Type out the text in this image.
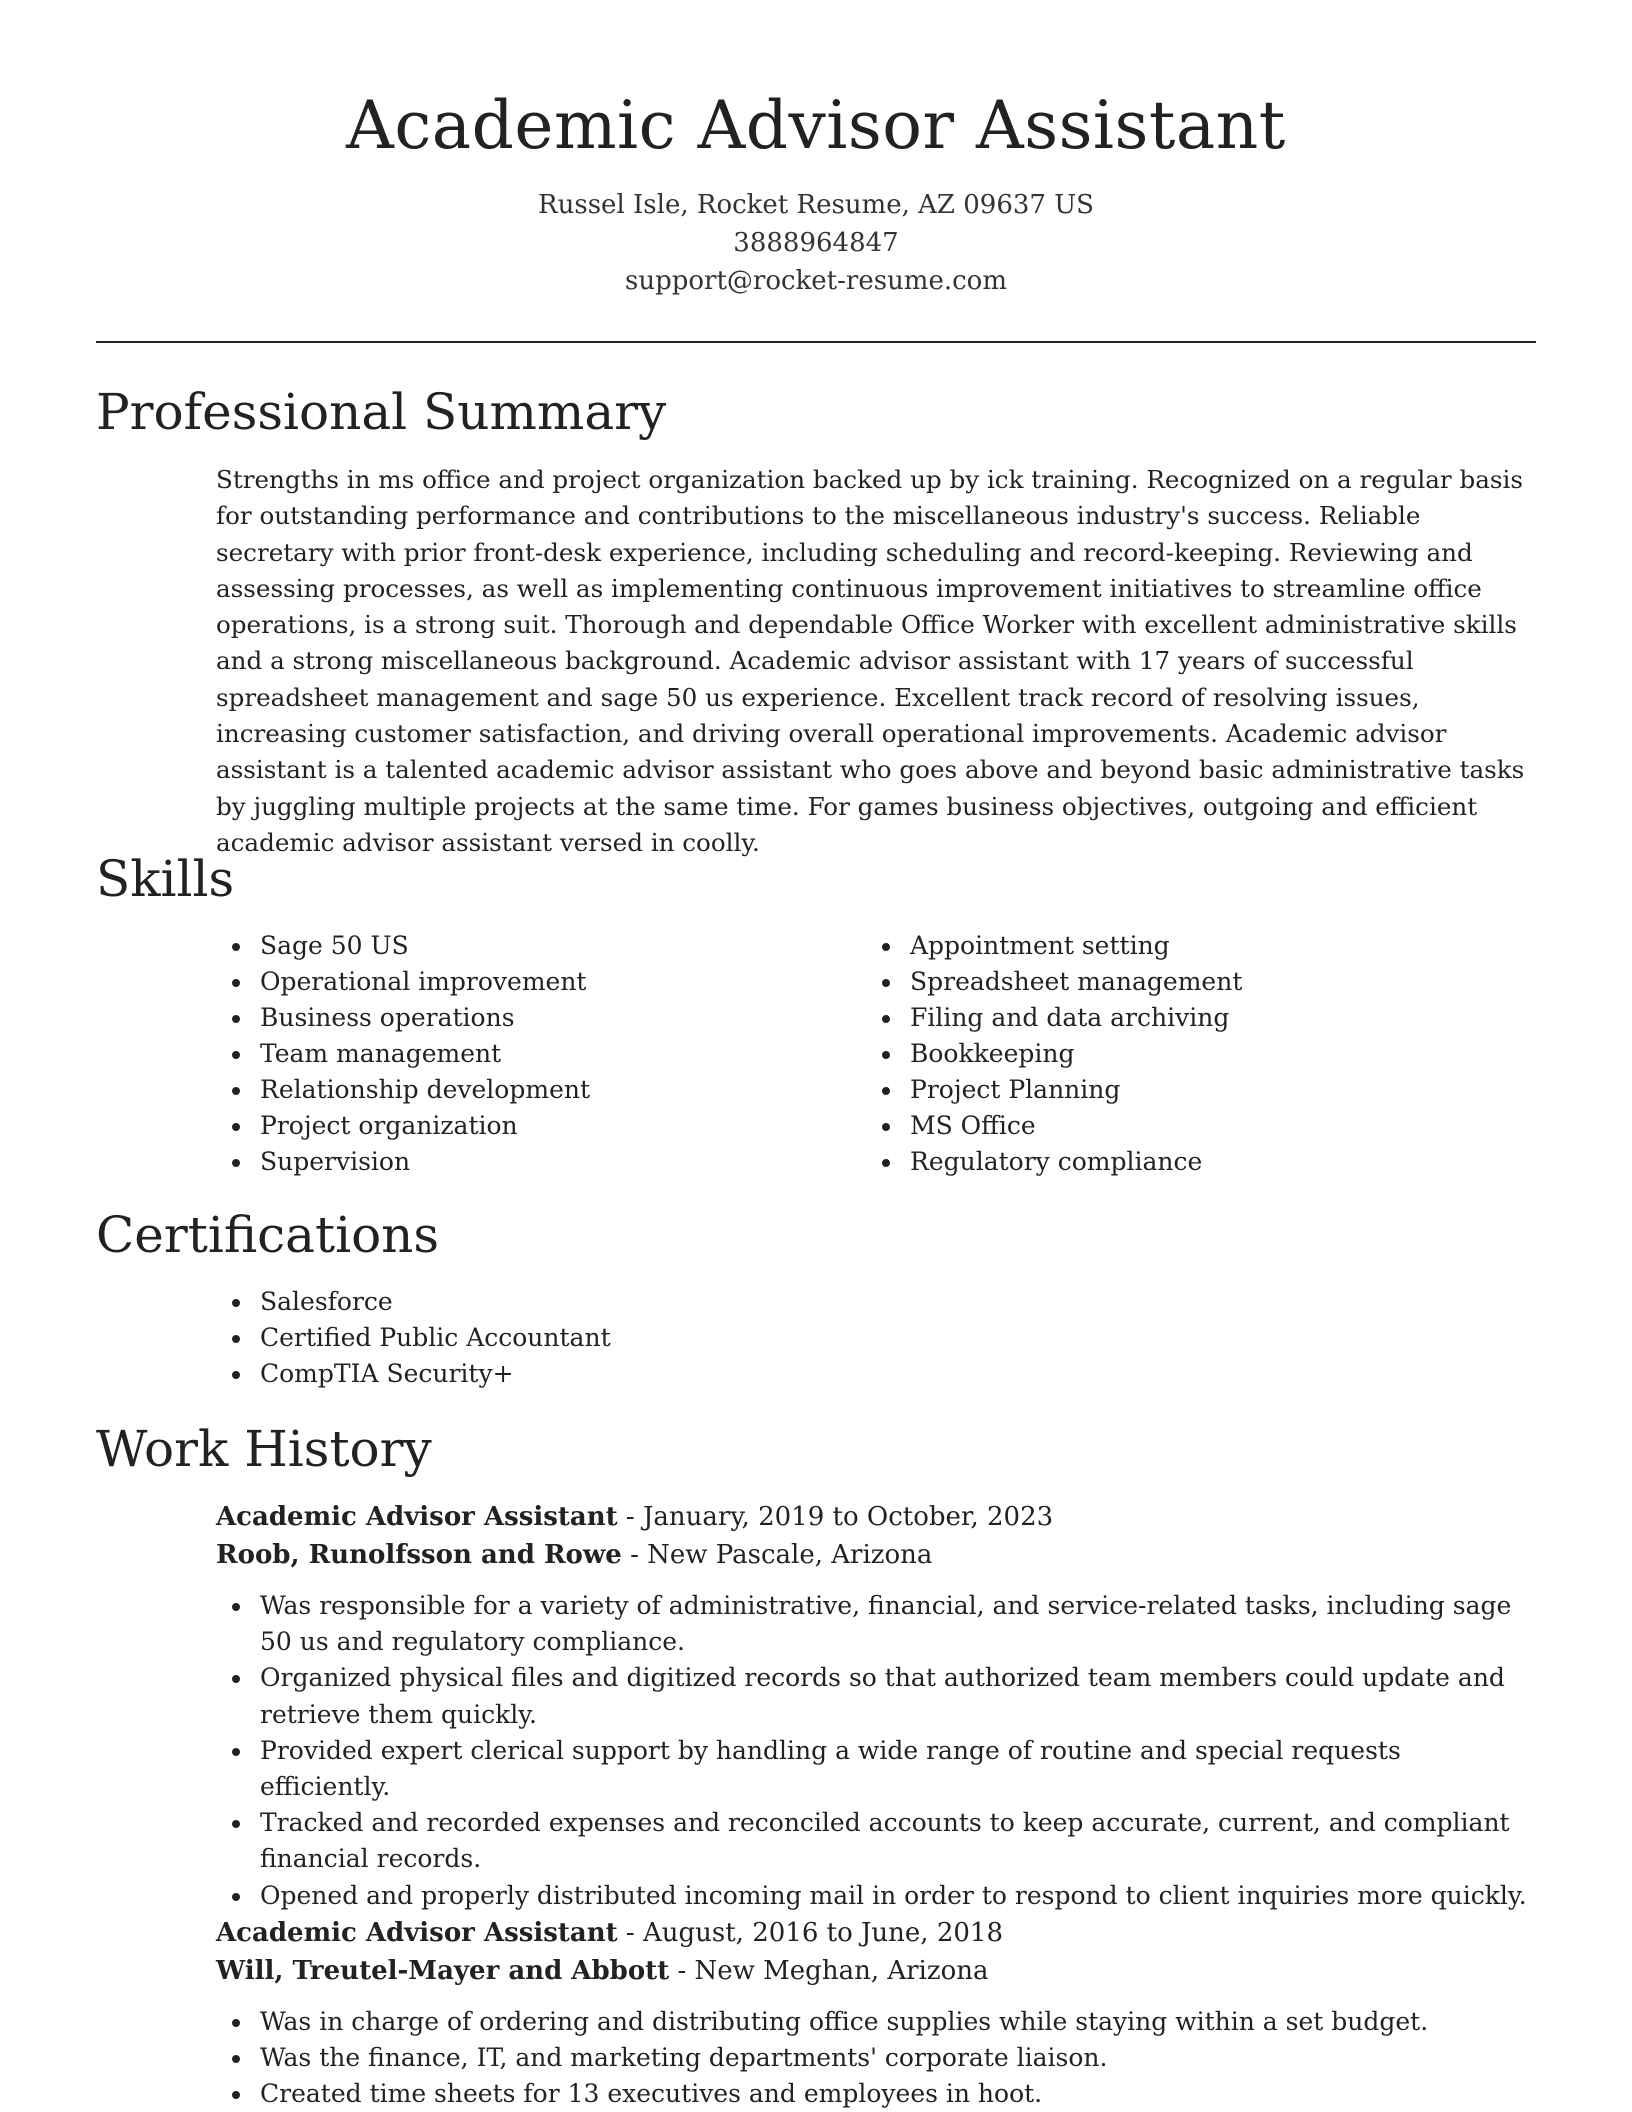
Academic Advisor Assistant
Russel Isle, Rocket Resume, AZ 09637 US
3888964847
support@rocket-resume.com
Professional Summary

Strengths in ms office and project organization backed up by ick training. Recognized on a regular basis for outstanding performance and contributions to the miscellaneous industry's success. Reliable secretary with prior front-desk experience, including scheduling and record-keeping. Reviewing and assessing processes, as well as implementing continuous improvement initiatives to streamline office operations, is a strong suit. Thorough and dependable Office Worker with excellent administrative skills and a strong miscellaneous background. Academic advisor assistant with 17 years of successful spreadsheet management and sage 50 us experience. Excellent track record of resolving issues, increasing customer satisfaction, and driving overall operational improvements. Academic advisor assistant is a talented academic advisor assistant who goes above and beyond basic administrative tasks by juggling multiple projects at the same time. For games business objectives, outgoing and efficient academic advisor assistant versed in coolly.

Skills
Sage 50 US
Operational improvement
Business operations
Team management
Relationship development
Project organization
Supervision
Appointment setting
Spreadsheet management
Filing and data archiving
Bookkeeping
Project Planning
MS Office
Regulatory compliance
Certifications
Salesforce
Certified Public Accountant
CompTIA Security+
Work History
Academic Advisor Assistant - January, 2019 to October, 2023
Roob, Runolfsson and Rowe - New Pascale, Arizona
Was responsible for a variety of administrative, financial, and service-related tasks, including sage 50 us and regulatory compliance.
Organized physical files and digitized records so that authorized team members could update and retrieve them quickly.
Provided expert clerical support by handling a wide range of routine and special requests efficiently.
Tracked and recorded expenses and reconciled accounts to keep accurate, current, and compliant financial records.
Opened and properly distributed incoming mail in order to respond to client inquiries more quickly.
Academic Advisor Assistant - August, 2016 to June, 2018
Will, Treutel-Mayer and Abbott - New Meghan, Arizona
Was in charge of ordering and distributing office supplies while staying within a set budget.
Was the finance, IT, and marketing departments' corporate liaison.
Created time sheets for 13 executives and employees in hoot.
